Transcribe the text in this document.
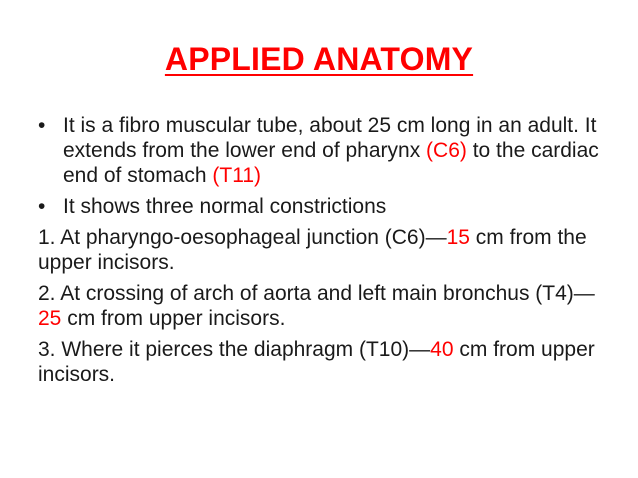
APPLIED ANATOMY
• It is a fibro muscular tube, about 25 cm long in an adult. It extends from the lower end of pharynx (C6) to the cardiac end of stomach (T11)
• It shows three normal constrictions
1. At pharyngo-oesophageal junction (C6)—15 cm from the upper incisors.
2. At crossing of arch of aorta and left main bronchus (T4)—25 cm from upper incisors.
3. Where it pierces the diaphragm (T10)—40 cm from upper incisors.
